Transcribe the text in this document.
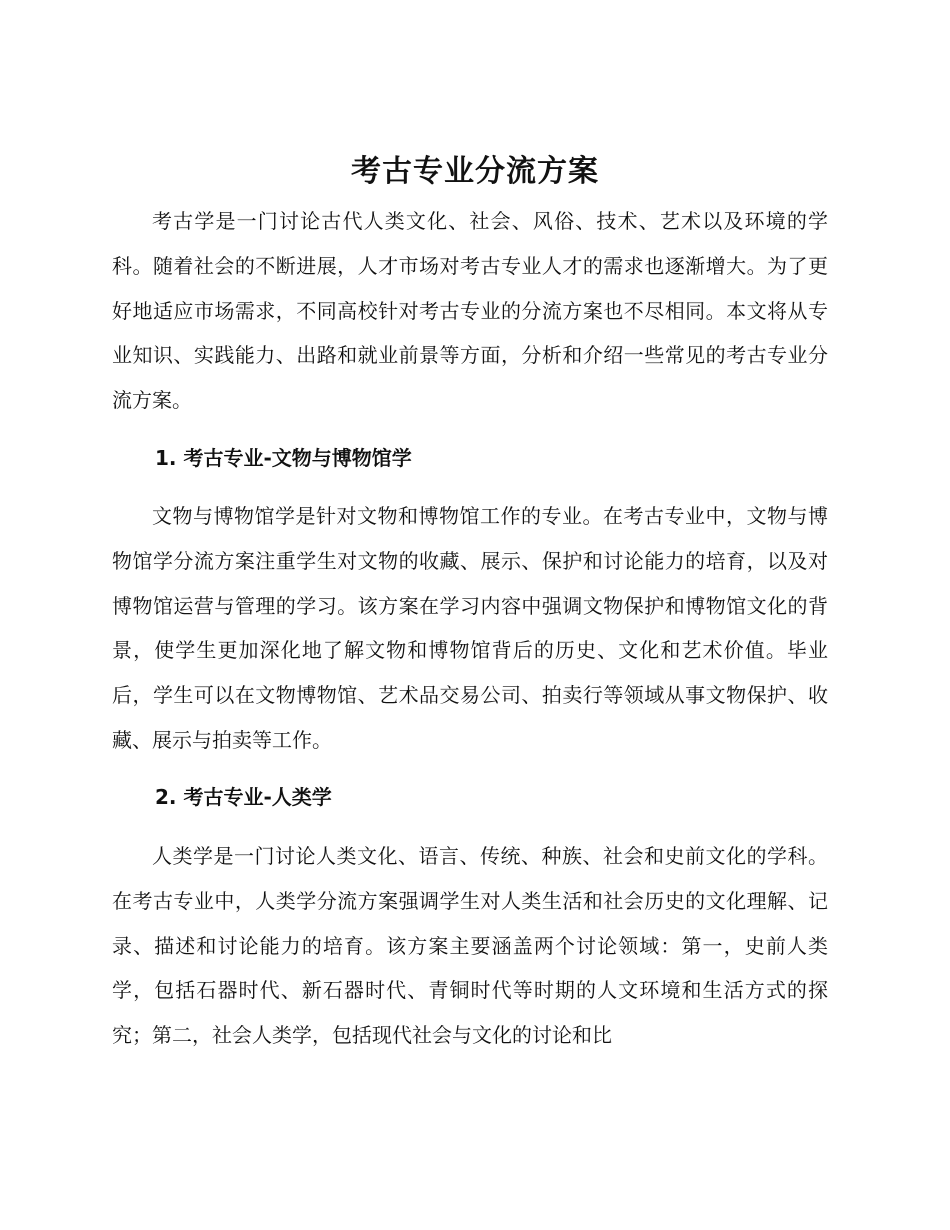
考古专业分流方案

考古学是一门讨论古代人类文化、社会、风俗、技术、艺术以及环境的学科。随着社会的不断进展，人才市场对考古专业人才的需求也逐渐增大。为了更好地适应市场需求，不同高校针对考古专业的分流方案也不尽相同。本文将从专业知识、实践能力、出路和就业前景等方面，分析和介绍一些常见的考古专业分流方案。

1. 考古专业-文物与博物馆学

文物与博物馆学是针对文物和博物馆工作的专业。在考古专业中，文物与博物馆学分流方案注重学生对文物的收藏、展示、保护和讨论能力的培育，以及对博物馆运营与管理的学习。该方案在学习内容中强调文物保护和博物馆文化的背景，使学生更加深化地了解文物和博物馆背后的历史、文化和艺术价值。毕业后，学生可以在文物博物馆、艺术品交易公司、拍卖行等领域从事文物保护、收藏、展示与拍卖等工作。

2. 考古专业-人类学

人类学是一门讨论人类文化、语言、传统、种族、社会和史前文化的学科。在考古专业中，人类学分流方案强调学生对人类生活和社会历史的文化理解、记录、描述和讨论能力的培育。该方案主要涵盖两个讨论领域：第一，史前人类学，包括石器时代、新石器时代、青铜时代等时期的人文环境和生活方式的探究；第二，社会人类学，包括现代社会与文化的讨论和比
